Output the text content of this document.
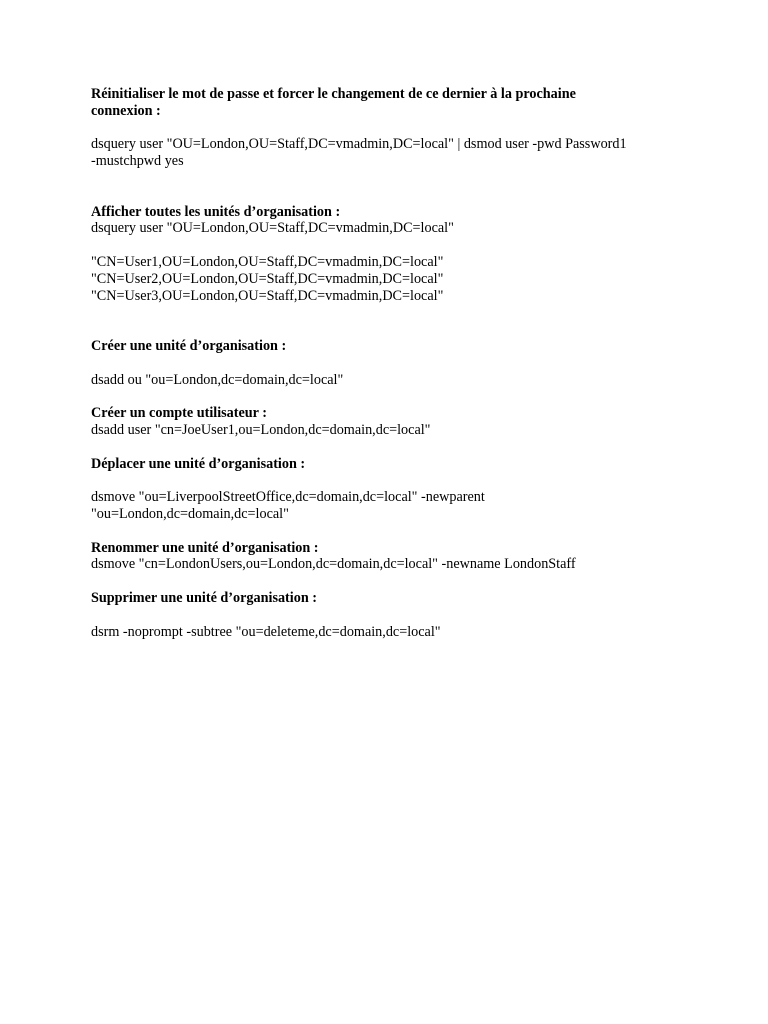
Réinitialiser le mot de passe et forcer le changement de ce dernier à la prochaine

connexion :

dsquery user "OU=London,OU=Staff,DC=vmadmin,DC=local" | dsmod user -pwd Password1

-mustchpwd yes

Afficher toutes les unités d’organisation :

dsquery user "OU=London,OU=Staff,DC=vmadmin,DC=local"

"CN=User1,OU=London,OU=Staff,DC=vmadmin,DC=local"

"CN=User2,OU=London,OU=Staff,DC=vmadmin,DC=local"

"CN=User3,OU=London,OU=Staff,DC=vmadmin,DC=local"

Créer une unité d’organisation :

dsadd ou "ou=London,dc=domain,dc=local"

Créer un compte utilisateur :

dsadd user "cn=JoeUser1,ou=London,dc=domain,dc=local"

Déplacer une unité d’organisation :

dsmove "ou=LiverpoolStreetOffice,dc=domain,dc=local" -newparent

"ou=London,dc=domain,dc=local"

Renommer une unité d’organisation :

dsmove "cn=LondonUsers,ou=London,dc=domain,dc=local" -newname LondonStaff

Supprimer une unité d’organisation :

dsrm -noprompt -subtree "ou=deleteme,dc=domain,dc=local"
